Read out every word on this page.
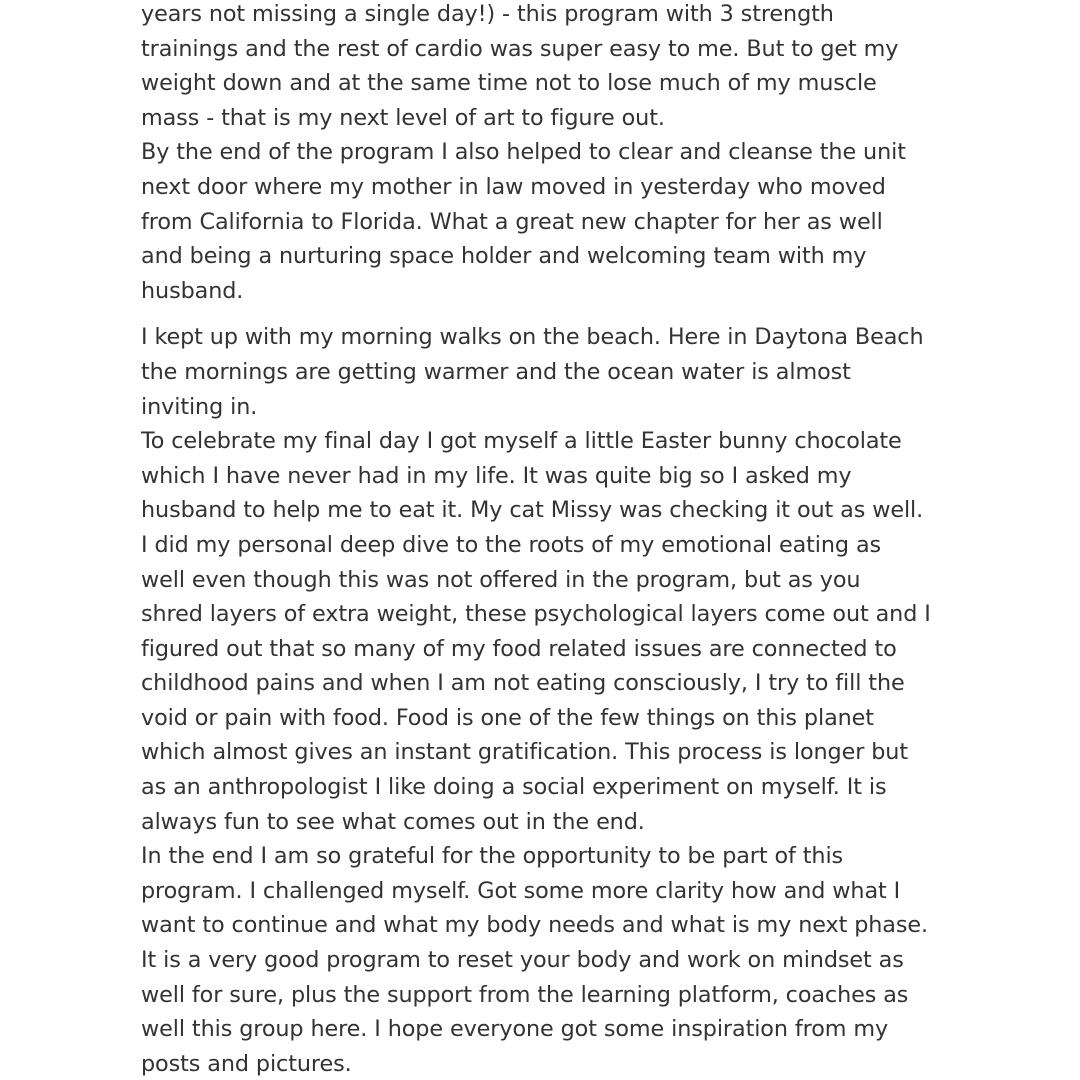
years not missing a single day!) - this program with 3 strength
trainings and the rest of cardio was super easy to me. But to get my
weight down and at the same time not to lose much of my muscle
mass - that is my next level of art to figure out.
By the end of the program I also helped to clear and cleanse the unit
next door where my mother in law moved in yesterday who moved
from California to Florida. What a great new chapter for her as well
and being a nurturing space holder and welcoming team with my
husband.

I kept up with my morning walks on the beach. Here in Daytona Beach
the mornings are getting warmer and the ocean water is almost
inviting in.
To celebrate my final day I got myself a little Easter bunny chocolate
which I have never had in my life. It was quite big so I asked my
husband to help me to eat it. My cat Missy was checking it out as well.
I did my personal deep dive to the roots of my emotional eating as
well even though this was not offered in the program, but as you
shred layers of extra weight, these psychological layers come out and I
figured out that so many of my food related issues are connected to
childhood pains and when I am not eating consciously, I try to fill the
void or pain with food. Food is one of the few things on this planet
which almost gives an instant gratification. This process is longer but
as an anthropologist I like doing a social experiment on myself. It is
always fun to see what comes out in the end.
In the end I am so grateful for the opportunity to be part of this
program. I challenged myself. Got some more clarity how and what I
want to continue and what my body needs and what is my next phase.
It is a very good program to reset your body and work on mindset as
well for sure, plus the support from the learning platform, coaches as
well this group here. I hope everyone got some inspiration from my
posts and pictures.
